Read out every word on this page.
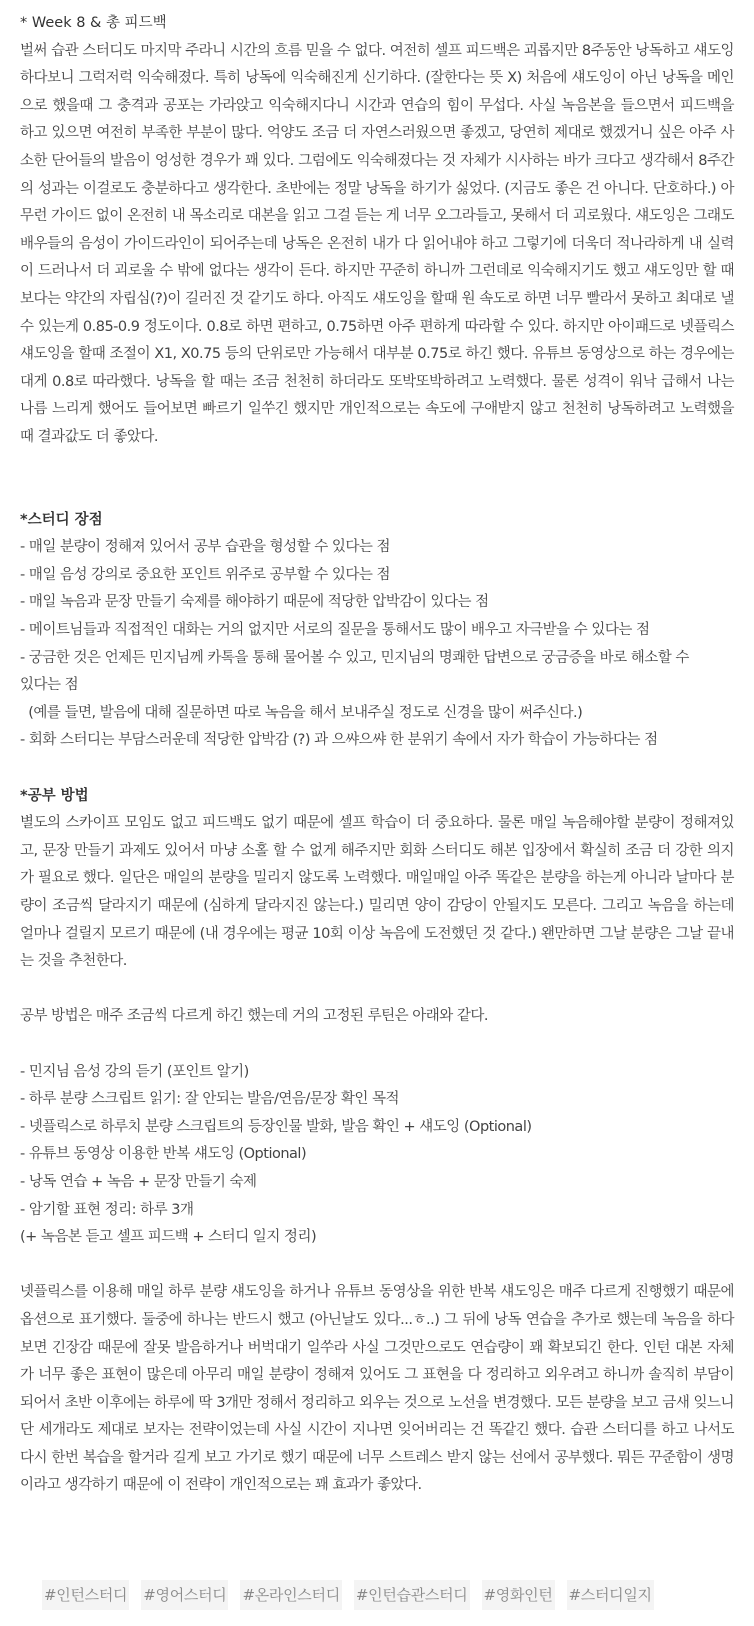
* Week 8 & 총 피드백

벌써 습관 스터디도 마지막 주라니 시간의 흐름 믿을 수 없다. 여전히 셀프 피드백은 괴롭지만 8주동안 낭독하고 섀도잉 하다보니 그럭저럭 익숙해졌다. 특히 낭독에 익숙해진게 신기하다. (잘한다는 뜻 X) 처음에 섀도잉이 아닌 낭독을 메인으로 했을때 그 충격과 공포는 가라앉고 익숙해지다니 시간과 연습의 힘이 무섭다. 사실 녹음본을 들으면서 피드백을 하고 있으면 여전히 부족한 부분이 많다. 억양도 조금 더 자연스러웠으면 좋겠고, 당연히 제대로 했겠거니 싶은 아주 사소한 단어들의 발음이 엉성한 경우가 꽤 있다. 그럼에도 익숙해졌다는 것 자체가 시사하는 바가 크다고 생각해서 8주간의 성과는 이걸로도 충분하다고 생각한다. 초반에는 정말 낭독을 하기가 싫었다. (지금도 좋은 건 아니다. 단호하다.) 아무런 가이드 없이 온전히 내 목소리로 대본을 읽고 그걸 듣는 게 너무 오그라들고, 못해서 더 괴로웠다. 섀도잉은 그래도 배우들의 음성이 가이드라인이 되어주는데 낭독은 온전히 내가 다 읽어내야 하고 그렇기에 더욱더 적나라하게 내 실력이 드러나서 더 괴로울 수 밖에 없다는 생각이 든다. 하지만 꾸준히 하니까 그런데로 익숙해지기도 했고 섀도잉만 할 때보다는 약간의 자립심(?)이 길러진 것 같기도 하다. 아직도 섀도잉을 할때 원 속도로 하면 너무 빨라서 못하고 최대로 낼 수 있는게 0.85-0.9 정도이다. 0.8로 하면 편하고, 0.75하면 아주 편하게 따라할 수 있다. 하지만 아이패드로 넷플릭스 섀도잉을 할때 조절이 X1, X0.75 등의 단위로만 가능해서 대부분 0.75로 하긴 했다. 유튜브 동영상으로 하는 경우에는 대게 0.8로 따라했다. 낭독을 할 때는 조금 천천히 하더라도 또박또박하려고 노력했다. 물론 성격이 워낙 급해서 나는 나름 느리게 했어도 들어보면 빠르기 일쑤긴 했지만 개인적으로는 속도에 구애받지 않고 천천히 낭독하려고 노력했을때 결과값도 더 좋았다.

*스터디 장점

- 매일 분량이 정해져 있어서 공부 습관을 형성할 수 있다는 점

- 매일 음성 강의로 중요한 포인트 위주로 공부할 수 있다는 점

- 매일 녹음과 문장 만들기 숙제를 해야하기 때문에 적당한 압박감이 있다는 점

- 메이트님들과 직접적인 대화는 거의 없지만 서로의 질문을 통해서도 많이 배우고 자극받을 수 있다는 점

- 궁금한 것은 언제든 민지님께 카톡을 통해 물어볼 수 있고, 민지님의 명쾌한 답변으로 궁금증을 바로 해소할 수

있다는 점

(예를 들면, 발음에 대해 질문하면 따로 녹음을 해서 보내주실 정도로 신경을 많이 써주신다.)

- 회화 스터디는 부담스러운데 적당한 압박감 (?) 과 으쌰으쌰 한 분위기 속에서 자가 학습이 가능하다는 점

*공부 방법

별도의 스카이프 모임도 없고 피드백도 없기 때문에 셀프 학습이 더 중요하다. 물론 매일 녹음해야할 분량이 정해져있고, 문장 만들기 과제도 있어서 마냥 소홀 할 수 없게 해주지만 회화 스터디도 해본 입장에서 확실히 조금 더 강한 의지가 필요로 했다. 일단은 매일의 분량을 밀리지 않도록 노력했다. 매일매일 아주 똑같은 분량을 하는게 아니라 날마다 분량이 조금씩 달라지기 때문에 (심하게 달라지진 않는다.) 밀리면 양이 감당이 안될지도 모른다. 그리고 녹음을 하는데 얼마나 걸릴지 모르기 때문에 (내 경우에는 평균 10회 이상 녹음에 도전했던 것 같다.) 왠만하면 그날 분량은 그날 끝내는 것을 추천한다.

공부 방법은 매주 조금씩 다르게 하긴 했는데 거의 고정된 루틴은 아래와 같다.

- 민지님 음성 강의 듣기 (포인트 알기)

- 하루 분량 스크립트 읽기: 잘 안되는 발음/연음/문장 확인 목적

- 넷플릭스로 하루치 분량 스크립트의 등장인물 발화, 발음 확인 + 섀도잉 (Optional)

- 유튜브 동영상 이용한 반복 섀도잉 (Optional)

- 낭독 연습 + 녹음 + 문장 만들기 숙제

- 암기할 표현 정리: 하루 3개

(+ 녹음본 듣고 셀프 피드백 + 스터디 일지 정리)

넷플릭스를 이용해 매일 하루 분량 섀도잉을 하거나 유튜브 동영상을 위한 반복 섀도잉은 매주 다르게 진행했기 때문에 옵션으로 표기했다. 둘중에 하나는 반드시 했고 (아닌날도 있다...ㅎ..) 그 뒤에 낭독 연습을 추가로 했는데 녹음을 하다보면 긴장감 때문에 잘못 발음하거나 버벅대기 일쑤라 사실 그것만으로도 연습량이 꽤 확보되긴 한다. 인턴 대본 자체가 너무 좋은 표현이 많은데 아무리 매일 분량이 정해져 있어도 그 표현을 다 정리하고 외우려고 하니까 솔직히 부담이 되어서 초반 이후에는 하루에 딱 3개만 정해서 정리하고 외우는 것으로 노선을 변경했다. 모든 분량을 보고 금새 잊느니 단 세개라도 제대로 보자는 전략이었는데 사실 시간이 지나면 잊어버리는 건 똑같긴 했다. 습관 스터디를 하고 나서도 다시 한번 복습을 할거라 길게 보고 가기로 했기 때문에 너무 스트레스 받지 않는 선에서 공부했다. 뭐든 꾸준함이 생명이라고 생각하기 때문에 이 전략이 개인적으로는 꽤 효과가 좋았다.

#인턴스터디 #영어스터디 #온라인스터디 #인턴습관스터디 #영화인턴 #스터디일지
